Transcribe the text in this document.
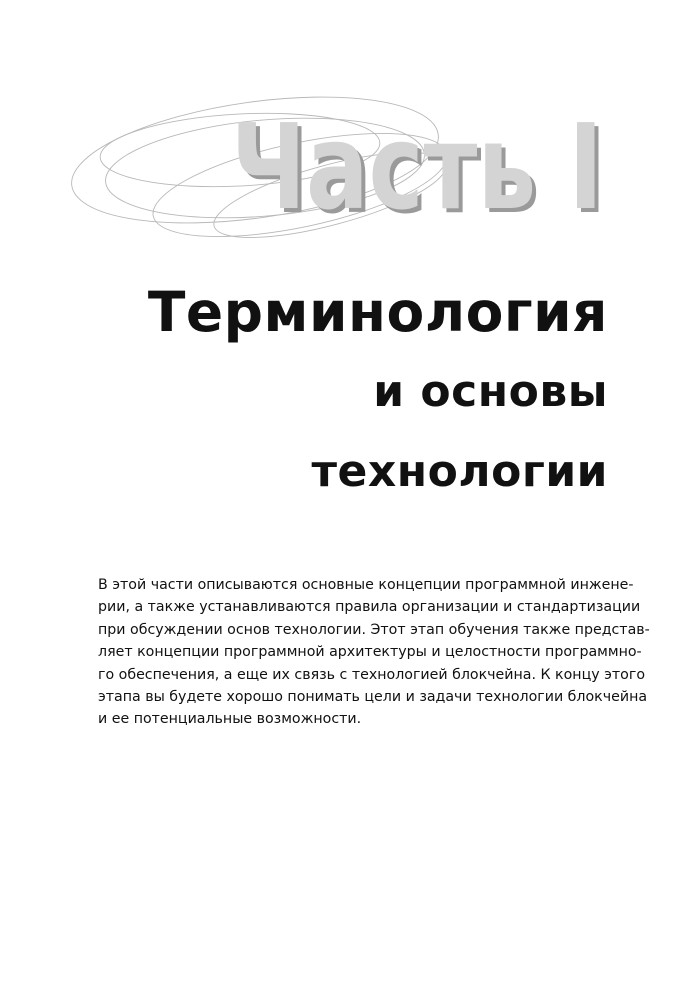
Часть I
Часть I
Терминология
и основы
технологии
В этой части описываются основные концепции программной инжене-
рии, а также устанавливаются правила организации и стандартизации
при обсуждении основ технологии. Этот этап обучения также представ-
ляет концепции программной архитектуры и целостности программно-
го обеспечения, а еще их связь с технологией блокчейна. К концу этого
этапа вы будете хорошо понимать цели и задачи технологии блокчейна
и ее потенциальные возможности.
